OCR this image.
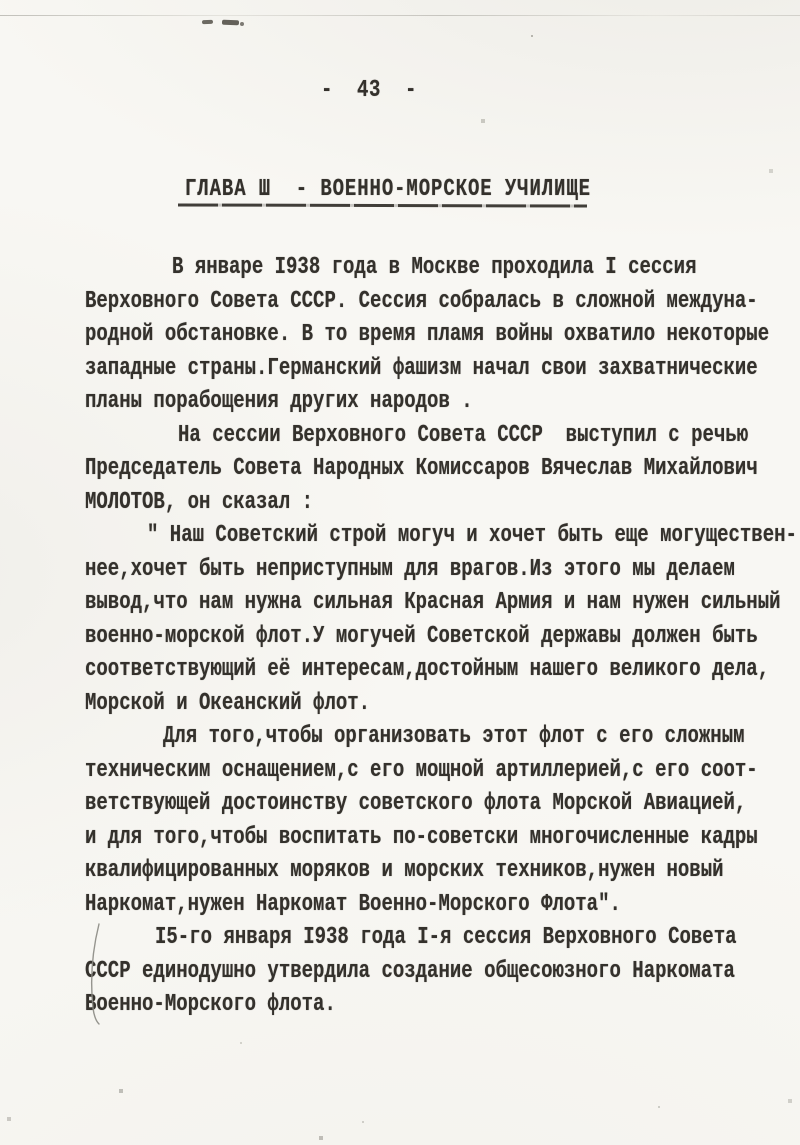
-  43  -
ГЛАВА Ш  - ВОЕННО-МОРСКОЕ УЧИЛИЩЕ
В январе I938 года в Москве проходила I сессия
Верховного Совета СССР. Сессия собралась в сложной междуна-
родной обстановке. В то время пламя войны охватило некоторые
западные страны.Германский фашизм начал свои захватнические
планы порабощения других народов .
На сессии Верховного Совета СССР  выступил с речью
Председатель Совета Народных Комиссаров Вячеслав Михайлович
МОЛОТОВ, он сказал :
" Наш Советский строй могуч и хочет быть еще могуществен-
нее,хочет быть неприступным для врагов.Из этого мы делаем
вывод,что нам нужна сильная Красная Армия и нам нужен сильный
военно-морской флот.У могучей Советской державы должен быть
соответствующий её интересам,достойным нашего великого дела,
Морской и Океанский флот.
Для того,чтобы организовать этот флот с его сложным
техническим оснащением,с его мощной артиллерией,с его соот-
ветствующей достоинству советского флота Морской Авиацией,
и для того,чтобы воспитать по-советски многочисленные кадры
квалифицированных моряков и морских техников,нужен новый
Наркомат,нужен Наркомат Военно-Морского Флота".
I5-го января I938 года I-я сессия Верховного Совета
СССР единодушно утвердила создание общесоюзного Наркомата
Военно-Морского флота.
